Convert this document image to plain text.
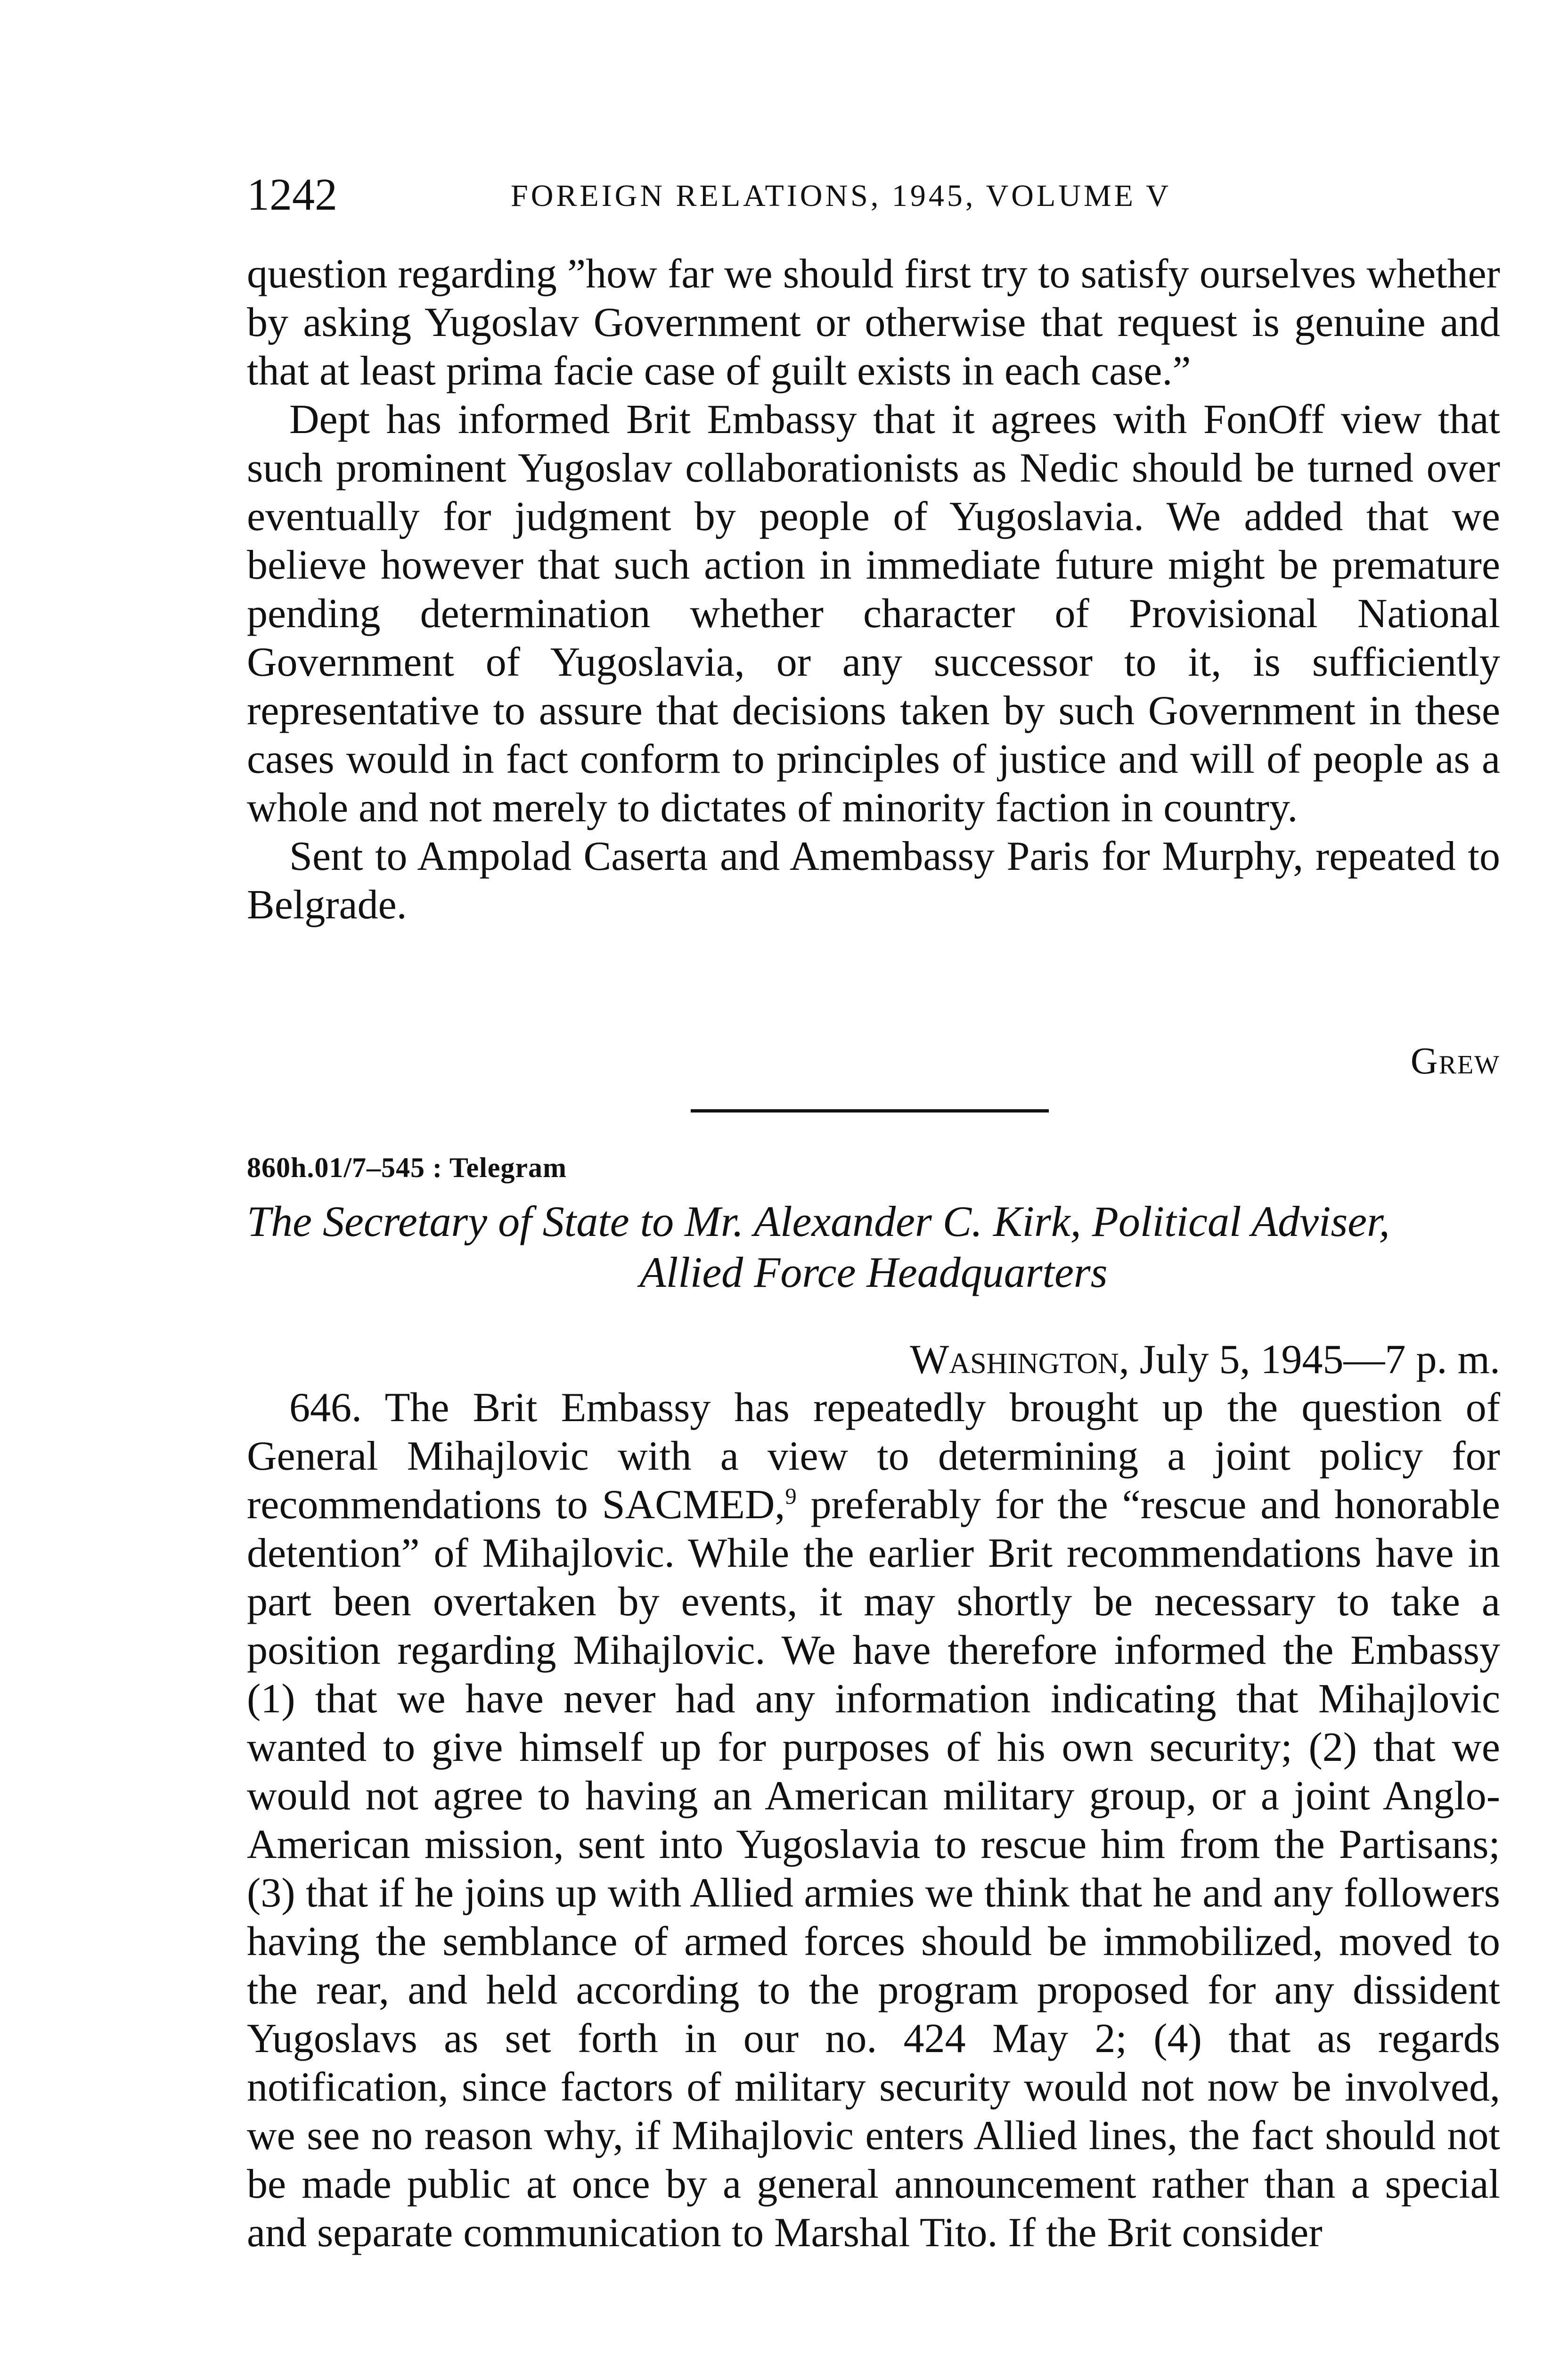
1242	FOREIGN RELATIONS, 1945, VOLUME V

question regarding ”how far we should first try to satisfy ourselves whether by asking Yugoslav Government or otherwise that request is genuine and that at least prima facie case of guilt exists in each case.”

Dept has informed Brit Embassy that it agrees with FonOff view that such prominent Yugoslav collaborationists as Nedic should be turned over eventually for judgment by people of Yugoslavia. We added that we believe however that such action in immediate future might be premature pending determination whether character of Provisional National Government of Yugoslavia, or any successor to it, is sufficiently representative to assure that decisions taken by such Government in these cases would in fact conform to principles of justice and will of people as a whole and not merely to dictates of minority faction in country.

Sent to Ampolad Caserta and Amembassy Paris for Murphy, repeated to Belgrade.

Grew
860h.01/7–545 : Telegram
The Secretary of State to Mr. Alexander C. Kirk, Political Adviser,
Allied Force Headquarters
Washington, July 5, 1945—7 p. m.

646. The Brit Embassy has repeatedly brought up the question of General Mihajlovic with a view to determining a joint policy for recommendations to SACMED,$^9$ preferably for the “rescue and honorable detention” of Mihajlovic. While the earlier Brit recommendations have in part been overtaken by events, it may shortly be necessary to take a position regarding Mihajlovic. We have therefore informed the Embassy (1) that we have never had any information indicating that Mihajlovic wanted to give himself up for purposes of his own security; (2) that we would not agree to having an American military group, or a joint Anglo-American mission, sent into Yugoslavia to rescue him from the Partisans; (3) that if he joins up with Allied armies we think that he and any followers having the semblance of armed forces should be immobilized, moved to the rear, and held according to the program proposed for any dissident Yugoslavs as set forth in our no. 424 May 2; (4) that as regards notification, since factors of military security would not now be involved, we see no reason why, if Mihajlovic enters Allied lines, the fact should not be made public at once by a general announcement rather than a special and separate communication to Marshal Tito. If the Brit consider
